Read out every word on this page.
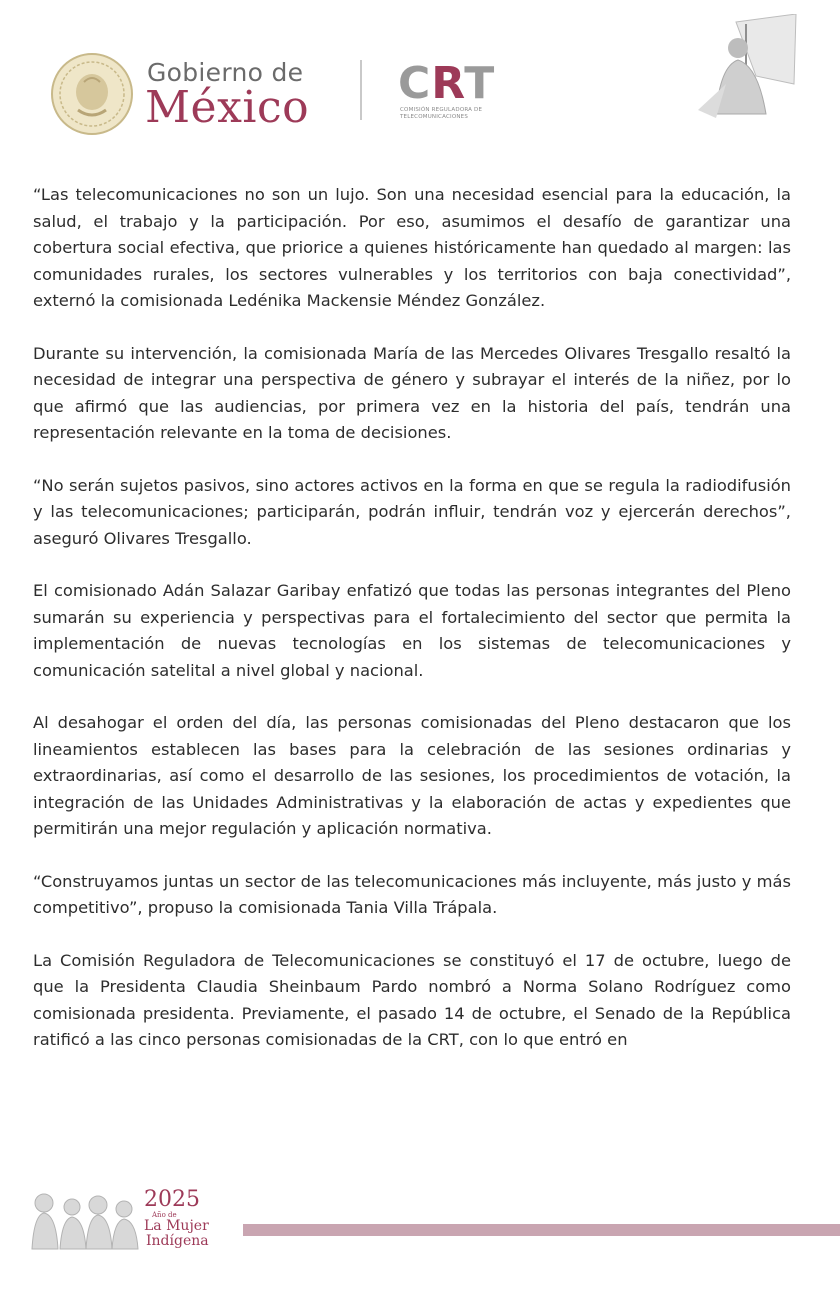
Gobierno de
México CRT
COMISIÓN REGULADORA DE TELECOMUNICACIONES

“Las telecomunicaciones no son un lujo. Son una necesidad esencial para la educación, la salud, el trabajo y la participación. Por eso, asumimos el desafío de garantizar una cobertura social efectiva, que priorice a quienes históricamente han quedado al margen: las comunidades rurales, los sectores vulnerables y los territorios con baja conectividad”, externó la comisionada Ledénika Mackensie Méndez González.

Durante su intervención, la comisionada María de las Mercedes Olivares Tresgallo resaltó la necesidad de integrar una perspectiva de género y subrayar el interés de la niñez, por lo que afirmó que las audiencias, por primera vez en la historia del país, tendrán una representación relevante en la toma de decisiones.

“No serán sujetos pasivos, sino actores activos en la forma en que se regula la radiodifusión y las telecomunicaciones; participarán, podrán influir, tendrán voz y ejercerán derechos”, aseguró Olivares Tresgallo.

El comisionado Adán Salazar Garibay enfatizó que todas las personas integrantes del Pleno sumarán su experiencia y perspectivas para el fortalecimiento del sector que permita la implementación de nuevas tecnologías en los sistemas de telecomunicaciones y comunicación satelital a nivel global y nacional.

Al desahogar el orden del día, las personas comisionadas del Pleno destacaron que los lineamientos establecen las bases para la celebración de las sesiones ordinarias y extraordinarias, así como el desarrollo de las sesiones, los procedimientos de votación, la integración de las Unidades Administrativas y la elaboración de actas y expedientes que permitirán una mejor regulación y aplicación normativa.

“Construyamos juntas un sector de las telecomunicaciones más incluyente, más justo y más competitivo”, propuso la comisionada Tania Villa Trápala.

La Comisión Reguladora de Telecomunicaciones se constituyó el 17 de octubre, luego de que la Presidenta Claudia Sheinbaum Pardo nombró a Norma Solano Rodríguez como comisionada presidenta. Previamente, el pasado 14 de octubre, el Senado de la República ratificó a las cinco personas comisionadas de la CRT, con lo que entró en

2025
Año de
La Mujer
Indígena
